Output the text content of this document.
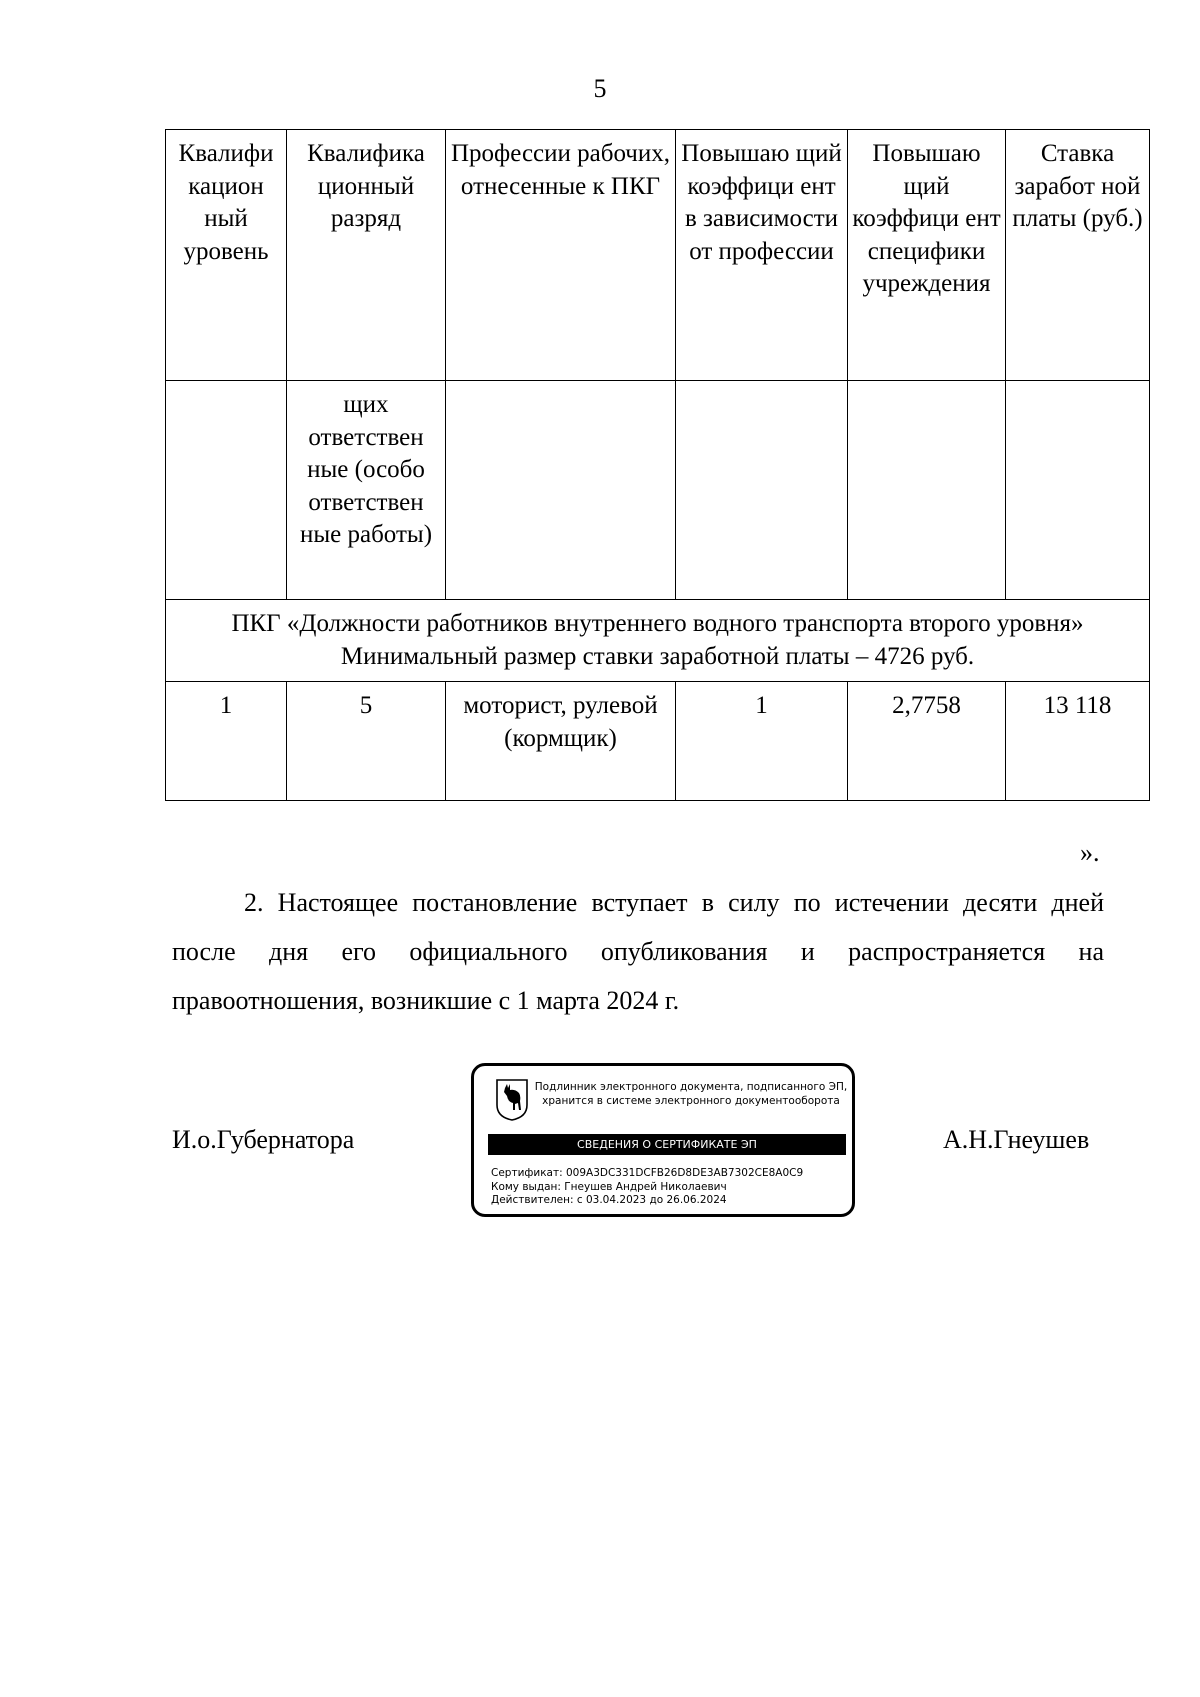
5
Квалифи кацион ный уровень	Квалифика ционный разряд	Профессии рабочих, отнесенные к ПКГ	Повышаю щий коэффици ент в зависимости от профессии	Повышаю щий коэффици ент специфики учреждения	Ставка заработ ной платы (руб.)
	щих ответствен ные (особо ответствен ные работы)				

ПКГ «Должности работников внутреннего водного транспорта второго уровня»
Минимальный размер ставки заработной платы – 4726 руб.					

1	5	моторист, рулевой (кормщик)	1	2,7758	13 118
».
2. Настоящее постановление вступает в силу по истечении десяти дней после дня его официального опубликования и распространяется на правоотношения, возникшие с 1 марта 2024 г.
И.о.Губернатора	А.Н.Гнеушев
Подлинник электронного документа, подписанного ЭП,
хранится в системе электронного документооборота
СВЕДЕНИЯ О СЕРТИФИКАТЕ ЭП
Сертификат: 009A3DC331DCFB26D8DE3AB7302CE8A0C9
Кому выдан: Гнеушев Андрей Николаевич
Действителен: с 03.04.2023 до 26.06.2024
